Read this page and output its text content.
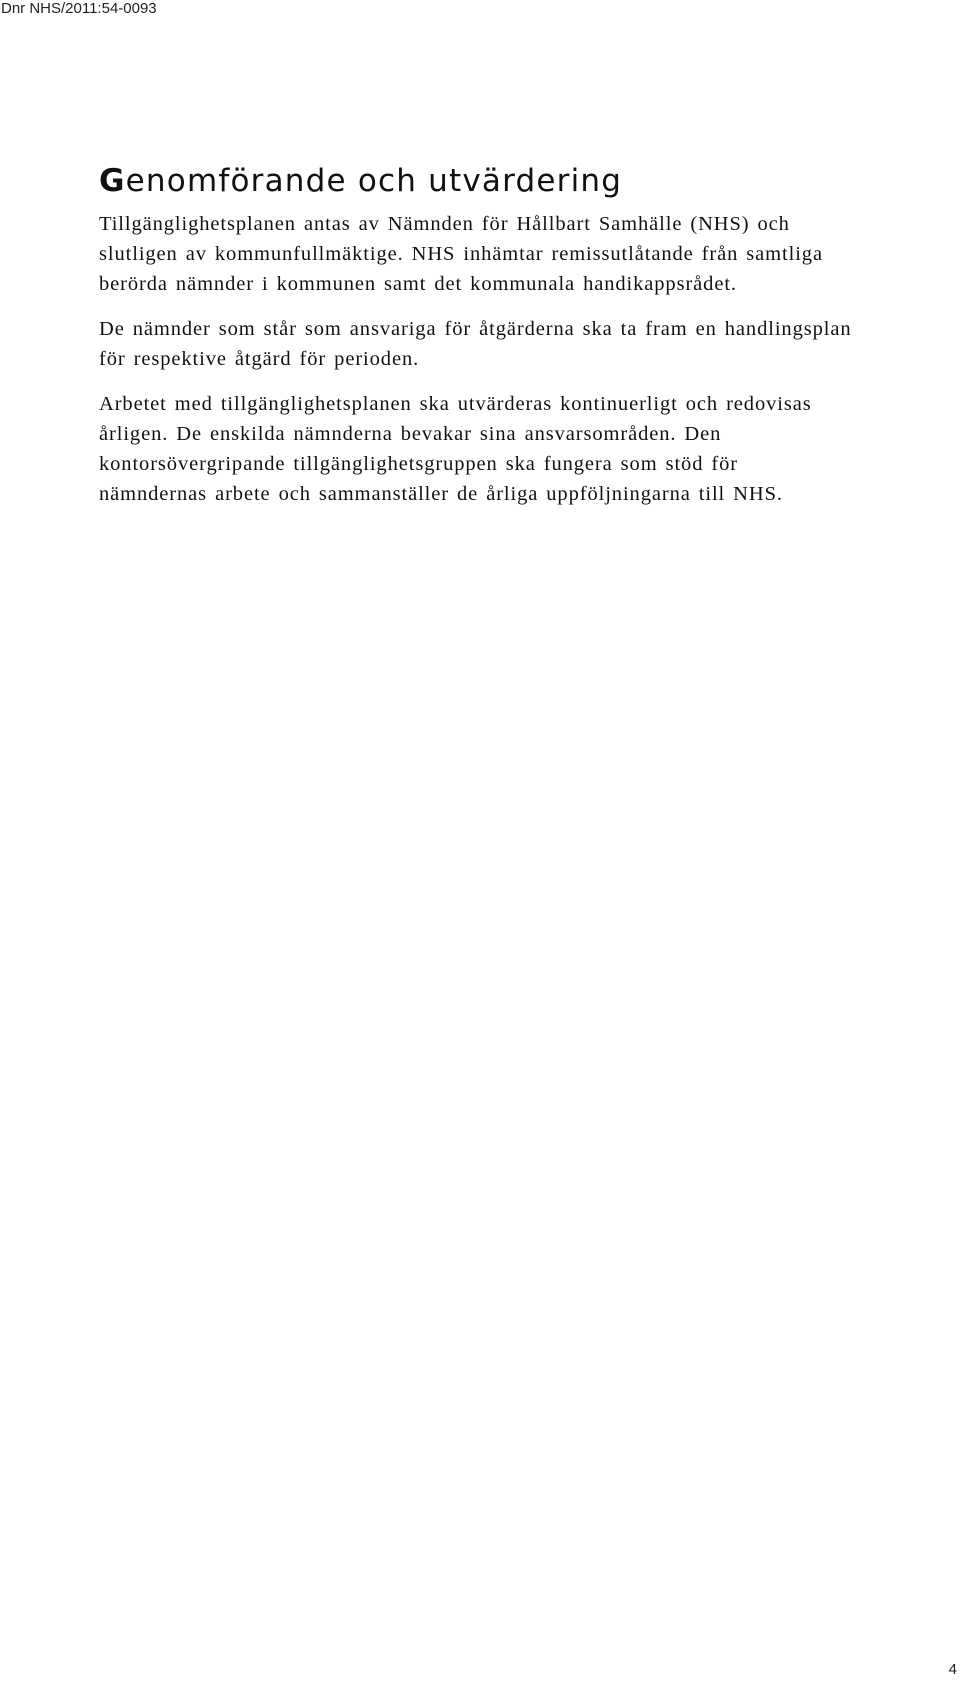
Dnr NHS/2011:54-0093
Genomförande och utvärdering

Tillgänglighetsplanen antas av Nämnden för Hållbart Samhälle (NHS) och
slutligen av kommunfullmäktige. NHS inhämtar remissutlåtande från samtliga
berörda nämnder i kommunen samt det kommunala handikappsrådet.

De nämnder som står som ansvariga för åtgärderna ska ta fram en handlingsplan
för respektive åtgärd för perioden.

Arbetet med tillgänglighetsplanen ska utvärderas kontinuerligt och redovisas
årligen. De enskilda nämnderna bevakar sina ansvarsområden. Den
kontorsövergripande tillgänglighetsgruppen ska fungera som stöd för
nämndernas arbete och sammanställer de årliga uppföljningarna till NHS.

4
